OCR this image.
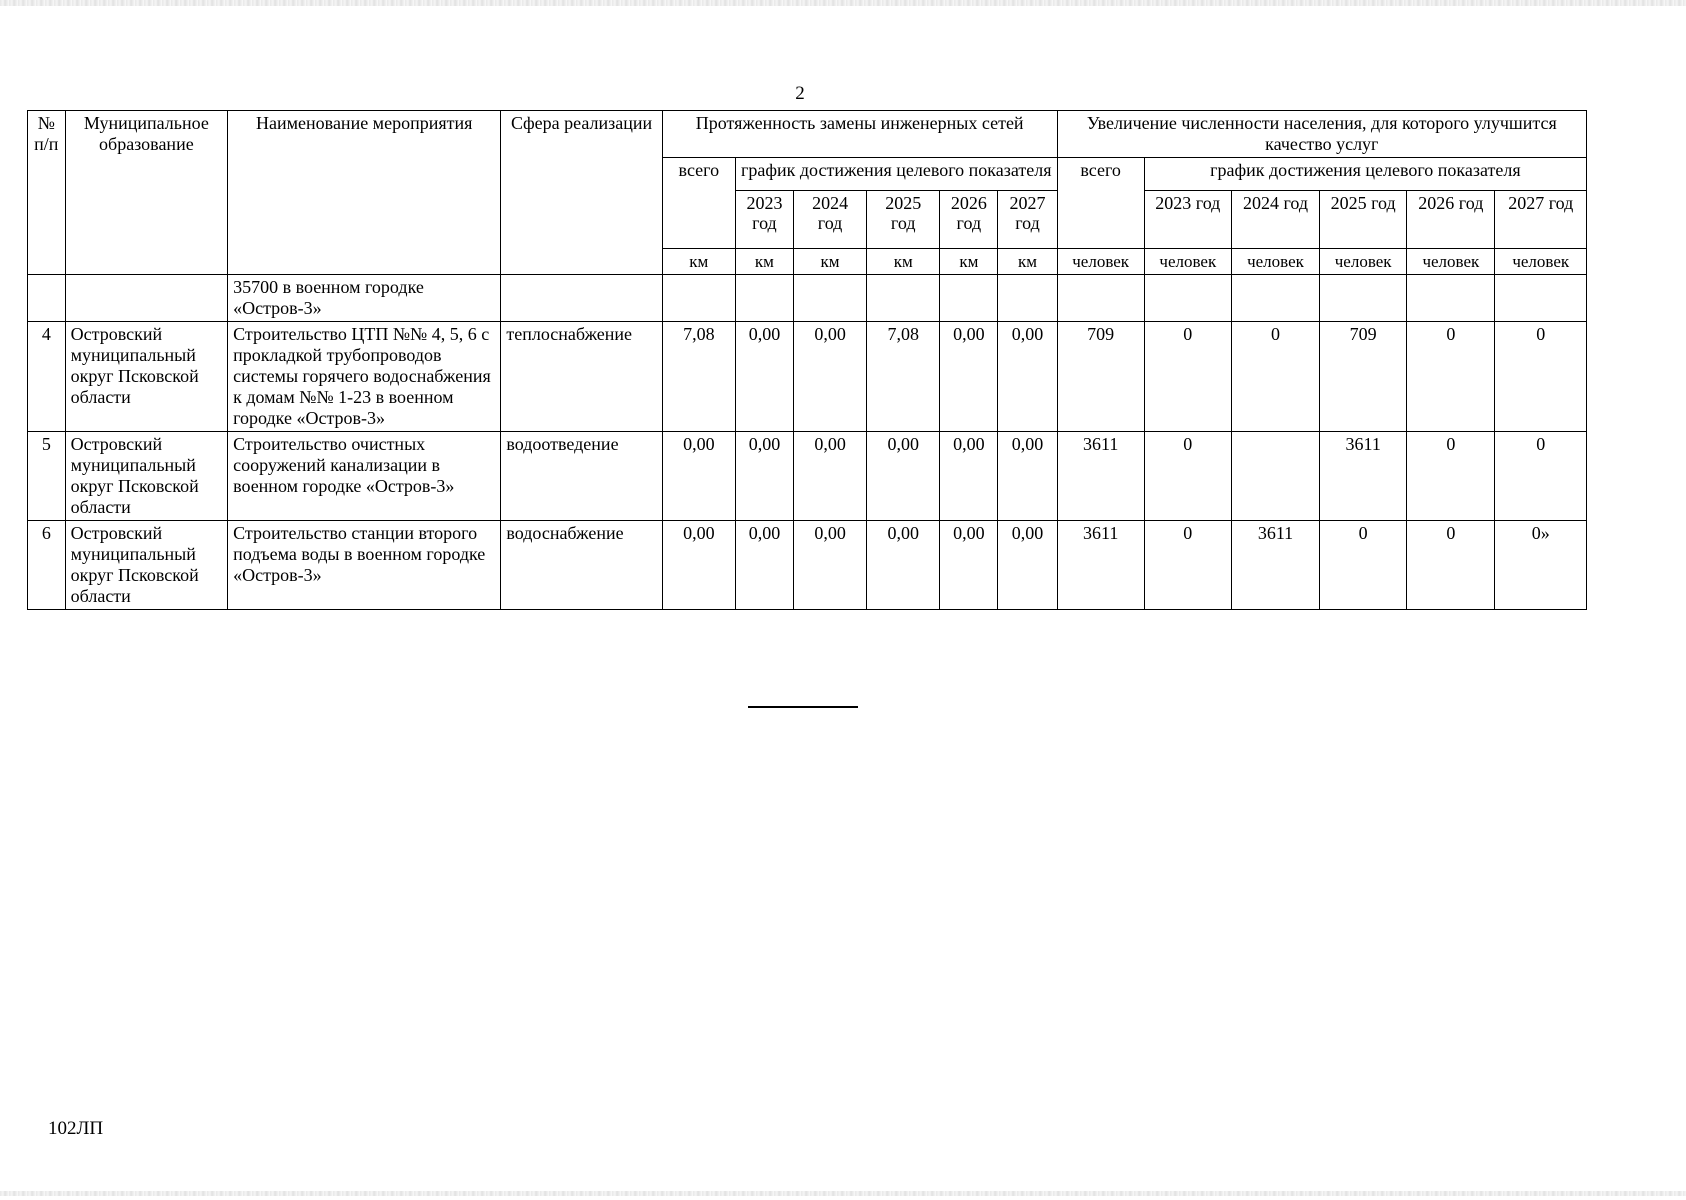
2
№ п/п	Муниципальное образование	Наименование мероприятия	Сфера реализации	Протяженность замены инженерных сетей						Увеличение численности населения, для которого улучшится качество услуг					
				всего	график достижения целевого показателя					всего	график достижения целевого показателя				
					2023 год	2024 год	2025 год	2026 год	2027 год		2023 год	2024 год	2025 год	2026 год	2027 год
				км	км	км	км	км	км	человек	человек	человек	человек	человек	человек
		35700 в военном городке «Остров-3»													
4	Островский муниципальный округ Псковской области	Строительство ЦТП №№ 4, 5, 6 с прокладкой трубопроводов системы горячего водоснабжения к домам №№ 1-23 в военном городке «Остров-3»	теплоснабжение	7,08	0,00	0,00	7,08	0,00	0,00	709	0	0	709	0	0
5	Островский муниципальный округ Псковской области	Строительство очистных сооружений канализации в военном городке «Остров-3»	водоотведение	0,00	0,00	0,00	0,00	0,00	0,00	3611	0		3611	0	0
6	Островский муниципальный округ Псковской области	Строительство станции второго подъема воды в военном городке «Остров-3»	водоснабжение	0,00	0,00	0,00	0,00	0,00	0,00	3611	0	3611	0	0	0»
102ЛП
